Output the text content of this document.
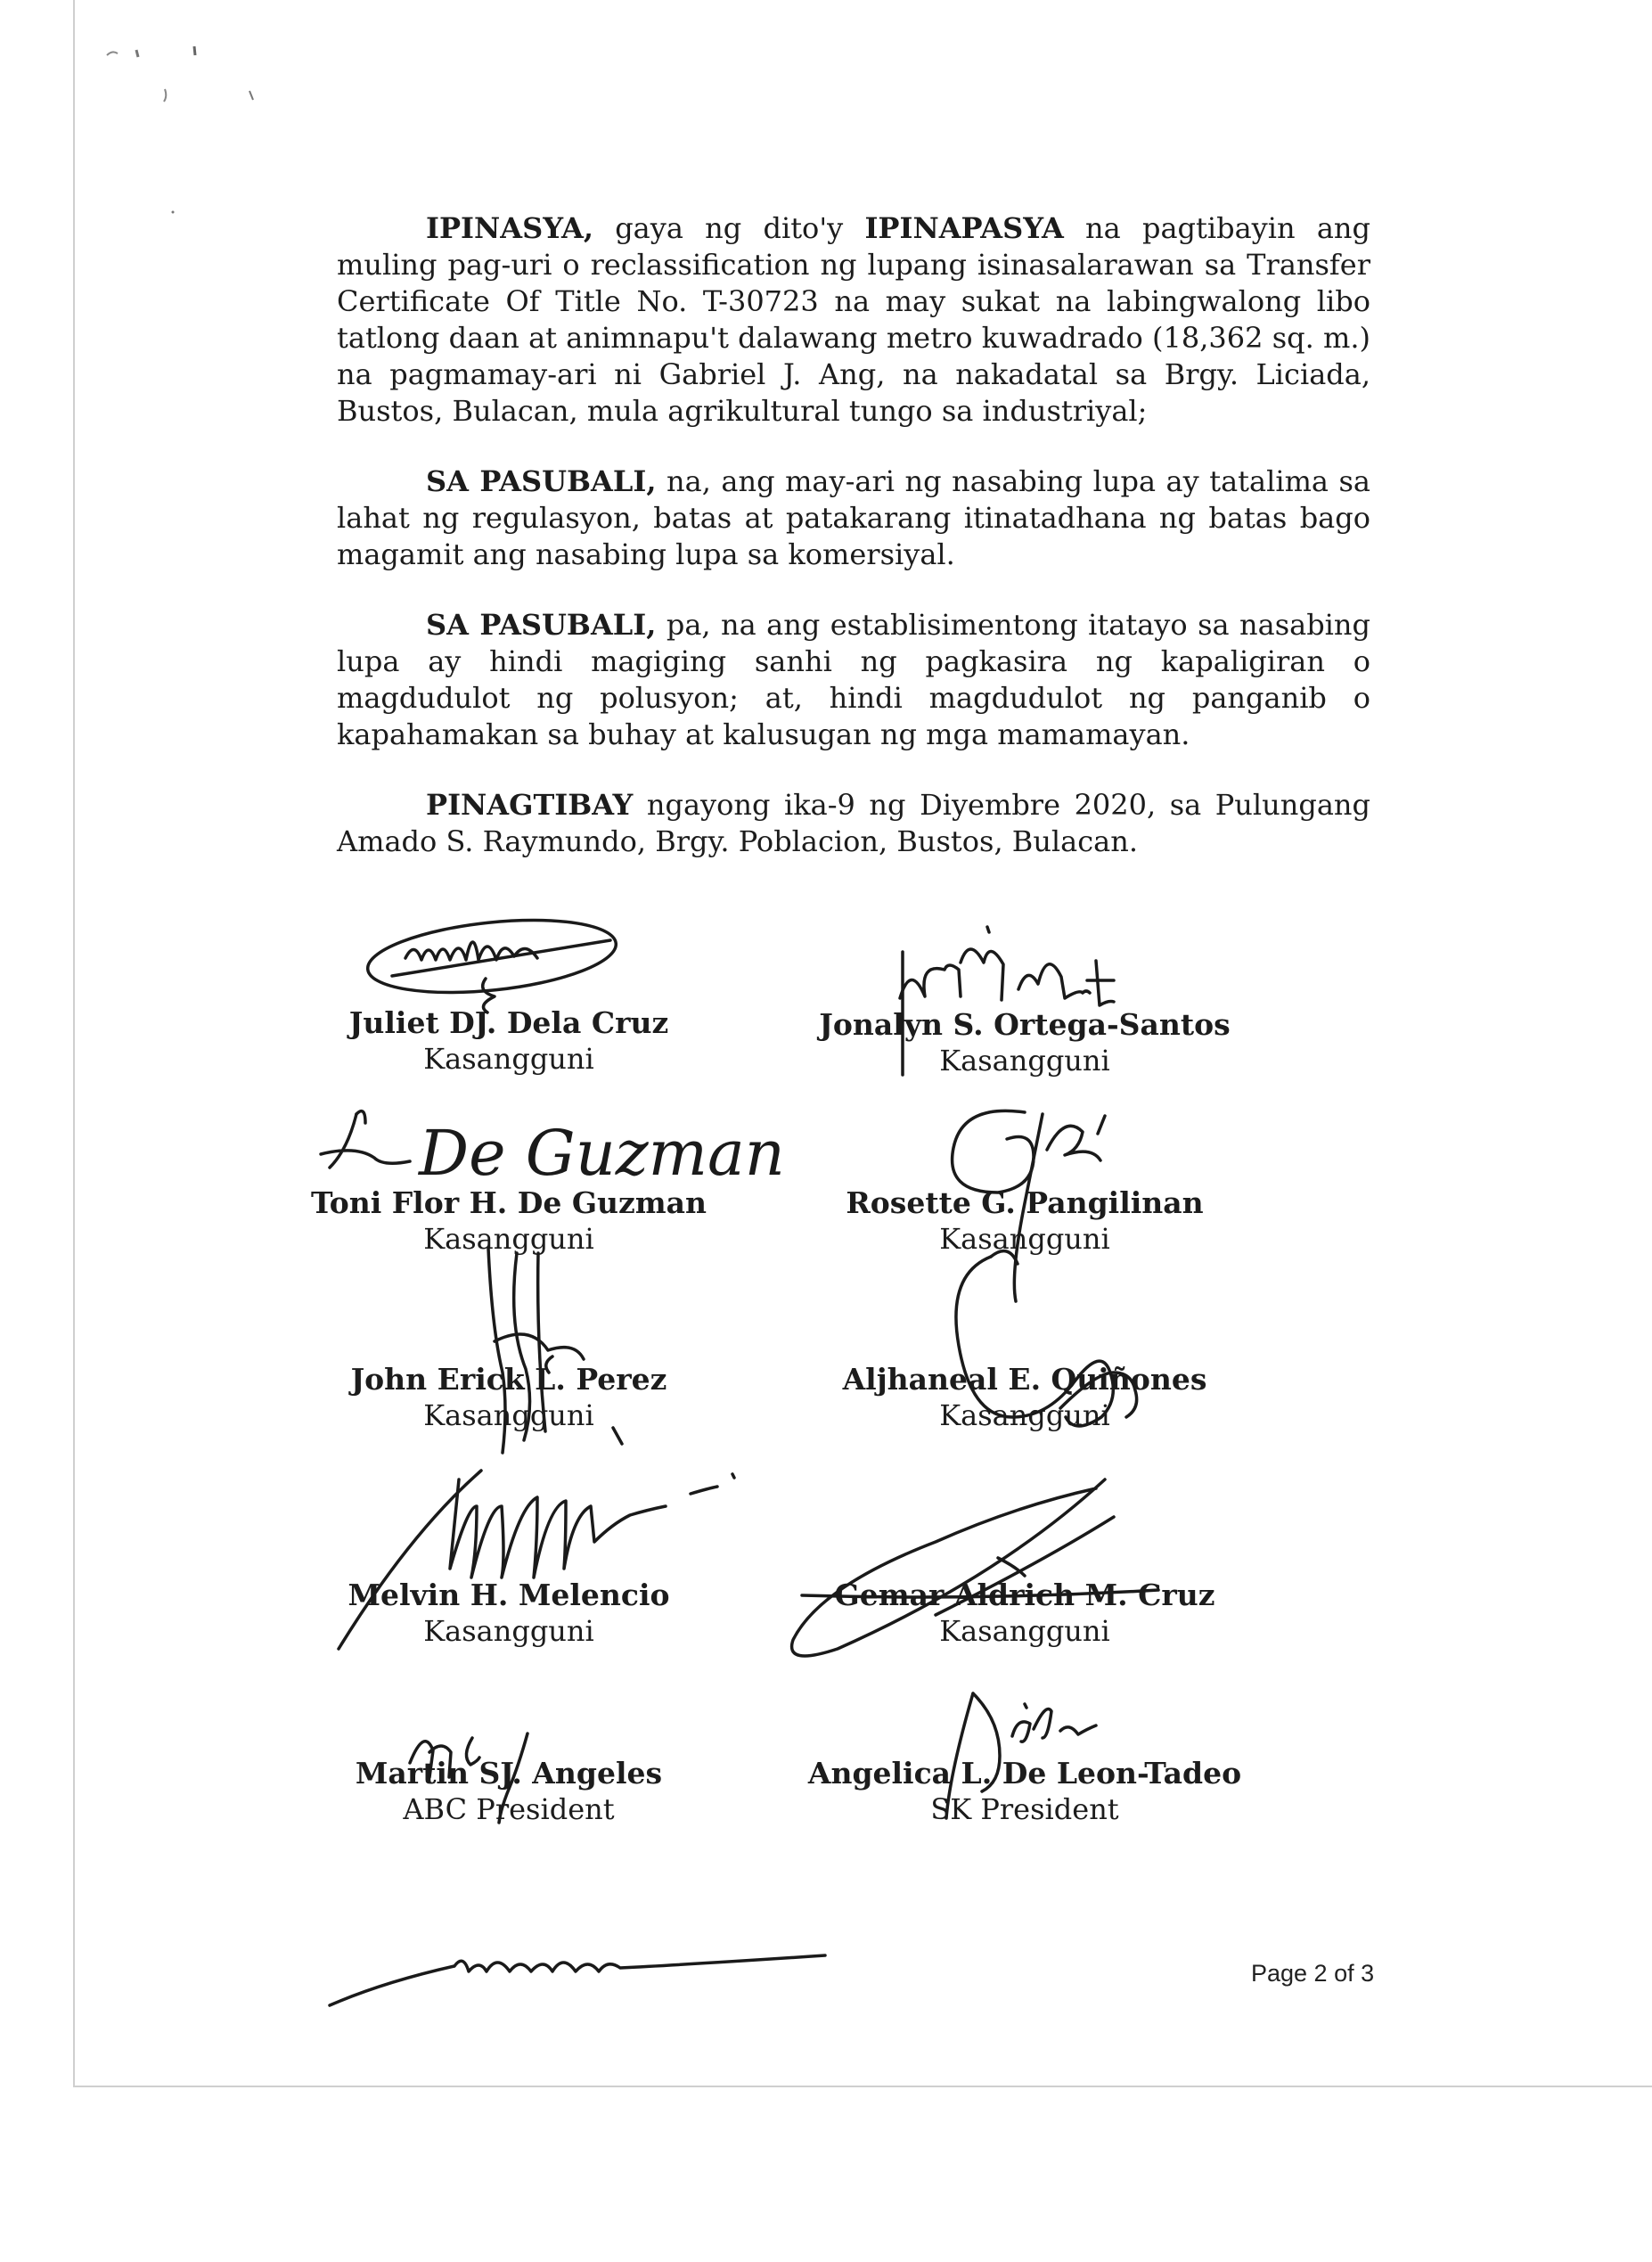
IPINASYA, gaya ng dito'y IPINAPASYA na pagtibayin ang muling pag-uri o reclassification ng lupang isinasalarawan sa Transfer Certificate Of Title No. T-30723 na may sukat na labingwalong libo tatlong daan at animnapu't dalawang metro kuwadrado (18,362 sq. m.) na pagmamay-ari ni Gabriel J. Ang, na nakadatal sa Brgy. Liciada, Bustos, Bulacan, mula agrikultural tungo sa industriyal;

SA PASUBALI, na, ang may-ari ng nasabing lupa ay tatalima sa lahat ng regulasyon, batas at patakarang itinatadhana ng batas bago magamit ang nasabing lupa sa komersiyal.

SA PASUBALI, pa, na ang establisimentong itatayo sa nasabing lupa ay hindi magiging sanhi ng pagkasira ng kapaligiran o magdudulot ng polusyon; at, hindi magdudulot ng panganib o kapahamakan sa buhay at kalusugan ng mga mamamayan.

PINAGTIBAY ngayong ika-9 ng Diyembre 2020, sa Pulungang Amado S. Raymundo, Brgy. Poblacion, Bustos, Bulacan.

Juliet DJ. Dela Cruz
Kasangguni
Jonalyn S. Ortega-Santos
Kasangguni
Toni Flor H. De Guzman
Kasangguni
Rosette G. Pangilinan
Kasangguni
John Erick L. Perez
Kasangguni
Aljhaneal E. Quiñones
Kasangguni
Melvin H. Melencio
Kasangguni
Gemar Aldrich M. Cruz
Kasangguni
Martin SJ. Angeles
ABC President
Angelica L. De Leon-Tadeo
SK President
De Guzman
Page 2 of 3
